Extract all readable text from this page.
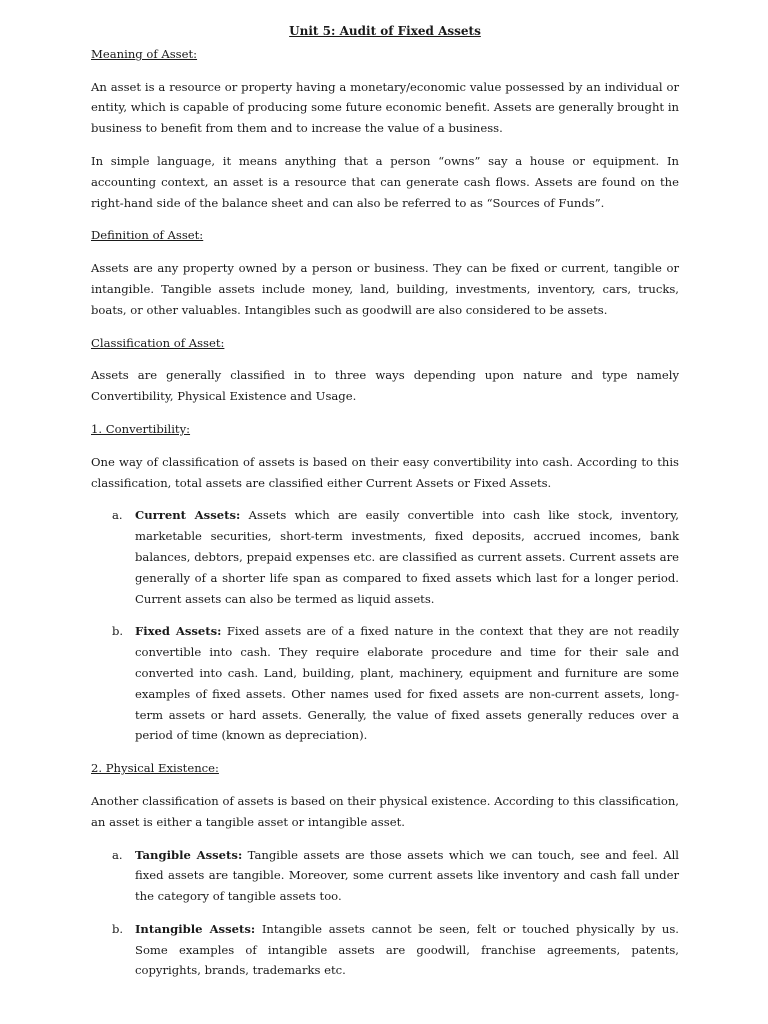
Unit 5: Audit of Fixed Assets
Meaning of Asset:

An asset is a resource or property having a monetary/economic value possessed by an individual or entity, which is capable of producing some future economic benefit. Assets are generally brought in business to benefit from them and to increase the value of a business.

In simple language, it means anything that a person “owns” say a house or equipment. In accounting context, an asset is a resource that can generate cash flows. Assets are found on the right-hand side of the balance sheet and can also be referred to as “Sources of Funds”.

Definition of Asset:

Assets are any property owned by a person or business. They can be fixed or current, tangible or intangible. Tangible assets include money, land, building, investments, inventory, cars, trucks, boats, or other valuables. Intangibles such as goodwill are also considered to be assets.

Classification of Asset:

Assets are generally classified in to three ways depending upon nature and type namely Convertibility, Physical Existence and Usage.

1. Convertibility:

One way of classification of assets is based on their easy convertibility into cash. According to this classification, total assets are classified either Current Assets or Fixed Assets.

a.	Current Assets: Assets which are easily convertible into cash like stock, inventory, marketable securities, short-term investments, fixed deposits, accrued incomes, bank balances, debtors, prepaid expenses etc. are classified as current assets. Current assets are generally of a shorter life span as compared to fixed assets which last for a longer period. Current assets can also be termed as liquid assets.
b.	Fixed Assets: Fixed assets are of a fixed nature in the context that they are not readily convertible into cash. They require elaborate procedure and time for their sale and converted into cash. Land, building, plant, machinery, equipment and furniture are some examples of fixed assets. Other names used for fixed assets are non-current assets, long-term assets or hard assets. Generally, the value of fixed assets generally reduces over a period of time (known as depreciation).
2. Physical Existence:

Another classification of assets is based on their physical existence. According to this classification, an asset is either a tangible asset or intangible asset.

a.	Tangible Assets: Tangible assets are those assets which we can touch, see and feel. All fixed assets are tangible. Moreover, some current assets like inventory and cash fall under the category of tangible assets too.
b.	Intangible Assets: Intangible assets cannot be seen, felt or touched physically by us. Some examples of intangible assets are goodwill, franchise agreements, patents, copyrights, brands, trademarks etc.
